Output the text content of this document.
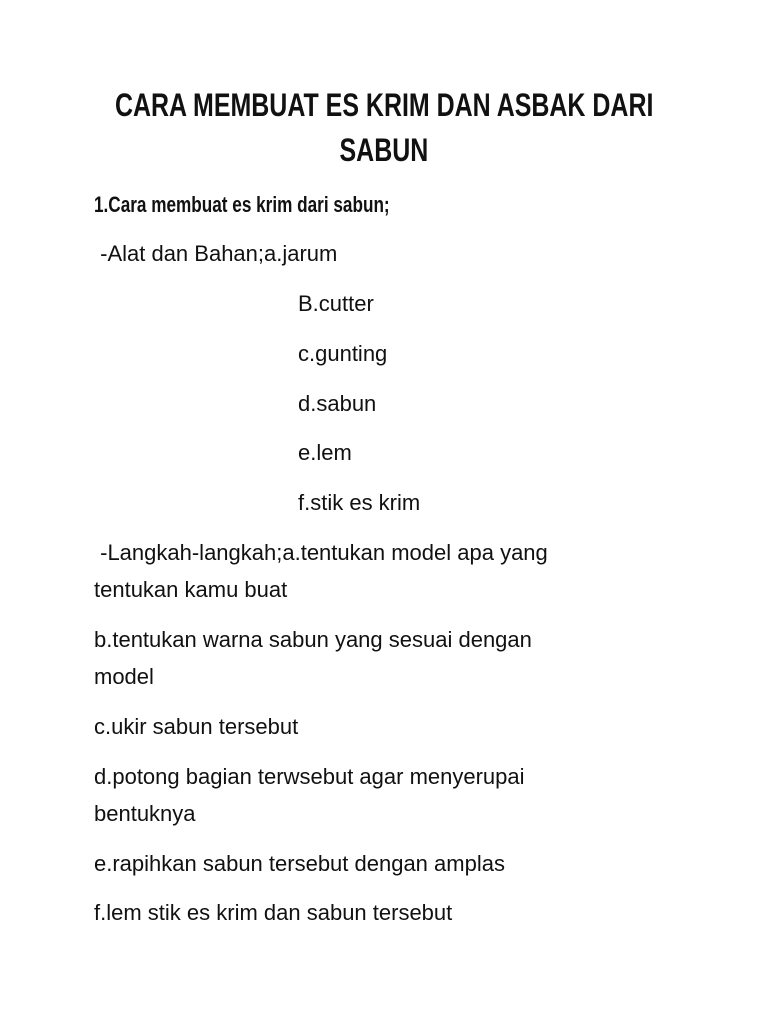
CARA MEMBUAT ES KRIM DAN ASBAK DARI
SABUN
1.Cara membuat es krim dari sabun;
-Alat dan Bahan;a.jarum
B.cutter
c.gunting
d.sabun
e.lem
f.stik es krim
-Langkah-langkah;a.tentukan model apa yang
tentukan kamu buat
b.tentukan warna sabun yang sesuai dengan
model
c.ukir sabun tersebut
d.potong bagian terwsebut agar menyerupai
bentuknya
e.rapihkan sabun tersebut dengan amplas
f.lem stik es krim dan sabun tersebut
